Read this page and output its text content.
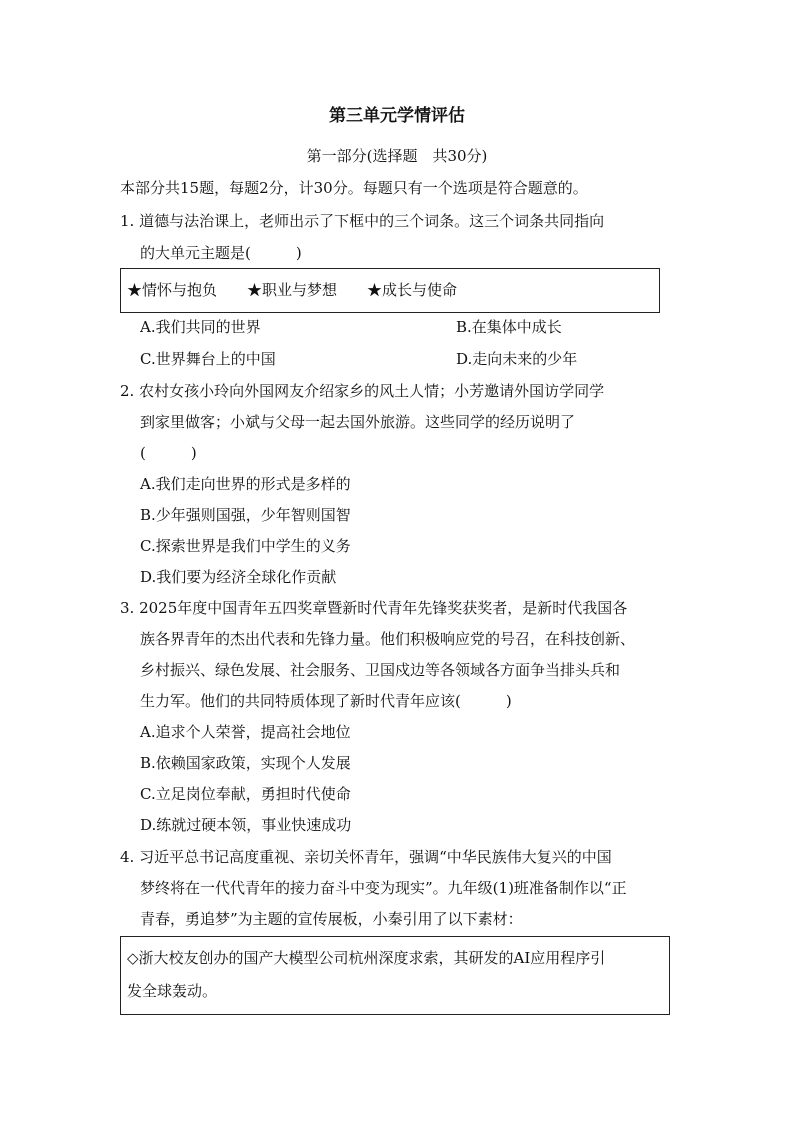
第三单元学情评估
第一部分(选择题　共30分)
本部分共15题，每题2分，计30分。每题只有一个选项是符合题意的。
1. 道德与法治课上，老师出示了下框中的三个词条。这三个词条共同指向
的大单元主题是(　　　)
★情怀与抱负　　★职业与梦想　　★成长与使命
A.我们共同的世界	B.在集体中成长
C.世界舞台上的中国	D.走向未来的少年
2. 农村女孩小玲向外国网友介绍家乡的风土人情；小芳邀请外国访学同学
到家里做客；小斌与父母一起去国外旅游。这些同学的经历说明了
(　　　)
A.我们走向世界的形式是多样的
B.少年强则国强，少年智则国智
C.探索世界是我们中学生的义务
D.我们要为经济全球化作贡献
3. 2025年度中国青年五四奖章暨新时代青年先锋奖获奖者，是新时代我国各
族各界青年的杰出代表和先锋力量。他们积极响应党的号召，在科技创新、
乡村振兴、绿色发展、社会服务、卫国戍边等各领域各方面争当排头兵和
生力军。他们的共同特质体现了新时代青年应该(　　　)
A.追求个人荣誉，提高社会地位
B.依赖国家政策，实现个人发展
C.立足岗位奉献，勇担时代使命
D.练就过硬本领，事业快速成功
4. 习近平总书记高度重视、亲切关怀青年，强调“中华民族伟大复兴的中国
梦终将在一代代青年的接力奋斗中变为现实”。九年级(1)班准备制作以“正
青春，勇追梦”为主题的宣传展板，小秦引用了以下素材：
◇浙大校友创办的国产大模型公司杭州深度求索，其研发的AI应用程序引
发全球轰动。
